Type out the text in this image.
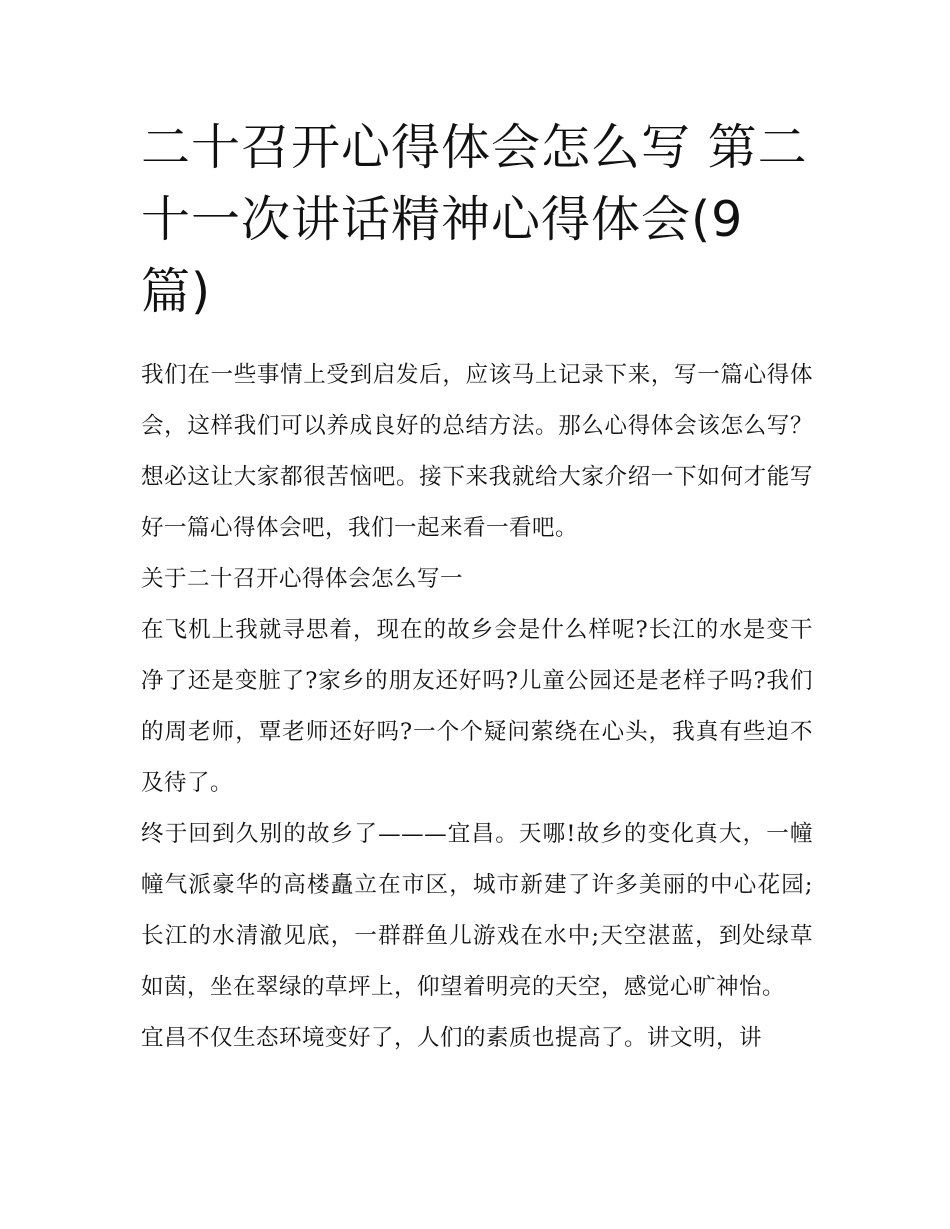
二十召开心得体会怎么写 第二十一次讲话精神心得体会(9篇)

我们在一些事情上受到启发后，应该马上记录下来，写一篇心得体会，这样我们可以养成良好的总结方法。那么心得体会该怎么写？想必这让大家都很苦恼吧。接下来我就给大家介绍一下如何才能写好一篇心得体会吧，我们一起来看一看吧。

关于二十召开心得体会怎么写一

在飞机上我就寻思着，现在的故乡会是什么样呢?长江的水是变干净了还是变脏了?家乡的朋友还好吗?儿童公园还是老样子吗?我们的周老师，覃老师还好吗?一个个疑问萦绕在心头，我真有些迫不及待了。

终于回到久别的故乡了———宜昌。天哪!故乡的变化真大，一幢幢气派豪华的高楼矗立在市区，城市新建了许多美丽的中心花园;长江的水清澈见底，一群群鱼儿游戏在水中;天空湛蓝，到处绿草如茵，坐在翠绿的草坪上，仰望着明亮的天空，感觉心旷神怡。

宜昌不仅生态环境变好了，人们的素质也提高了。讲文明，讲
